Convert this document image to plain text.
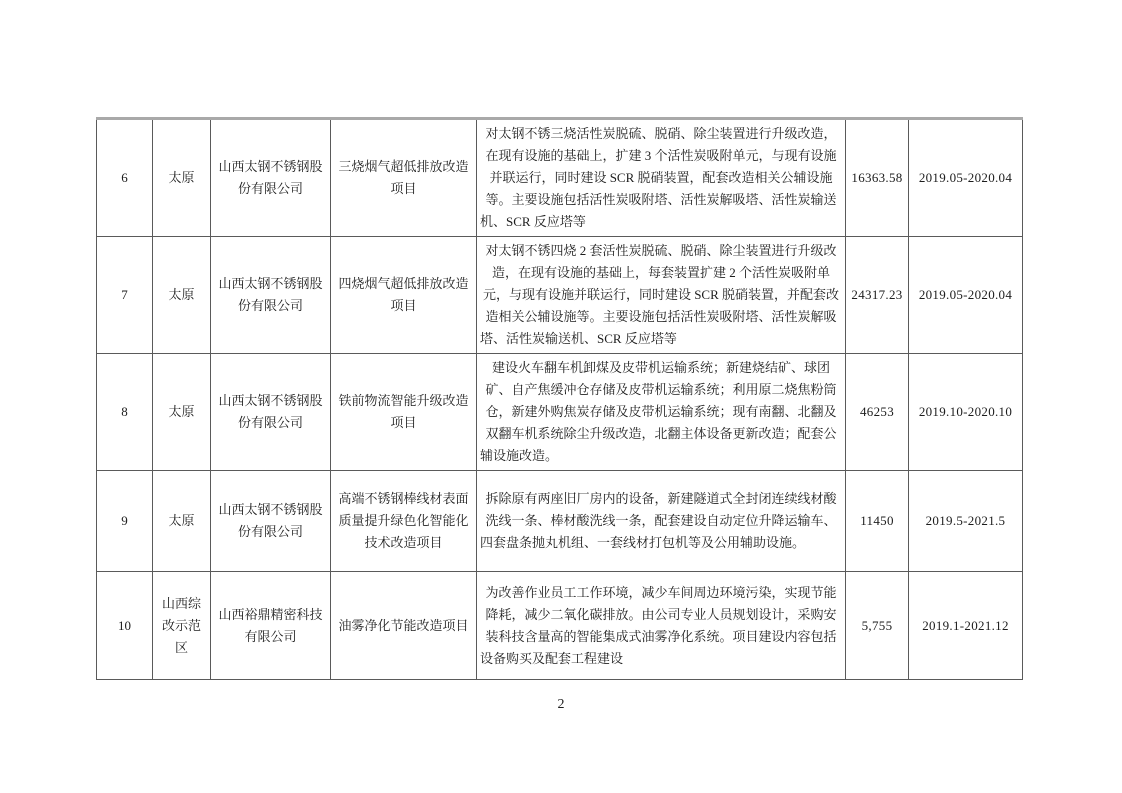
6	太原	山西太钢不锈钢股份有限公司	三烧烟气超低排放改造项目	对太钢不锈三烧活性炭脱硫、脱硝、除尘装置进行升级改造，在现有设施的基础上，扩建 3 个活性炭吸附单元，与现有设施并联运行，同时建设 SCR 脱硝装置，配套改造相关公辅设施等。主要设施包括活性炭吸附塔、活性炭解吸塔、活性炭输送机、SCR 反应塔等	16363.58	2019.05-2020.04
7	太原	山西太钢不锈钢股份有限公司	四烧烟气超低排放改造项目	对太钢不锈四烧 2 套活性炭脱硫、脱硝、除尘装置进行升级改造，在现有设施的基础上，每套装置扩建 2 个活性炭吸附单元，与现有设施并联运行，同时建设 SCR 脱硝装置，并配套改造相关公辅设施等。主要设施包括活性炭吸附塔、活性炭解吸塔、活性炭输送机、SCR 反应塔等	24317.23	2019.05-2020.04
8	太原	山西太钢不锈钢股份有限公司	铁前物流智能升级改造项目	建设火车翻车机卸煤及皮带机运输系统；新建烧结矿、球团矿、自产焦缓冲仓存储及皮带机运输系统；利用原二烧焦粉筒仓，新建外购焦炭存储及皮带机运输系统；现有南翻、北翻及双翻车机系统除尘升级改造，北翻主体设备更新改造；配套公辅设施改造。	46253	2019.10-2020.10
9	太原	山西太钢不锈钢股份有限公司	高端不锈钢棒线材表面质量提升绿色化智能化技术改造项目	拆除原有两座旧厂房内的设备，新建隧道式全封闭连续线材酸洗线一条、棒材酸洗线一条，配套建设自动定位升降运输车、四套盘条抛丸机组、一套线材打包机等及公用辅助设施。	11450	2019.5-2021.5
10	山西综改示范区	山西裕鼎精密科技有限公司	油雾净化节能改造项目	为改善作业员工工作环境，减少车间周边环境污染，实现节能降耗，减少二氧化碳排放。由公司专业人员规划设计，采购安装科技含量高的智能集成式油雾净化系统。项目建设内容包括设备购买及配套工程建设	5,755	2019.1-2021.12
2
